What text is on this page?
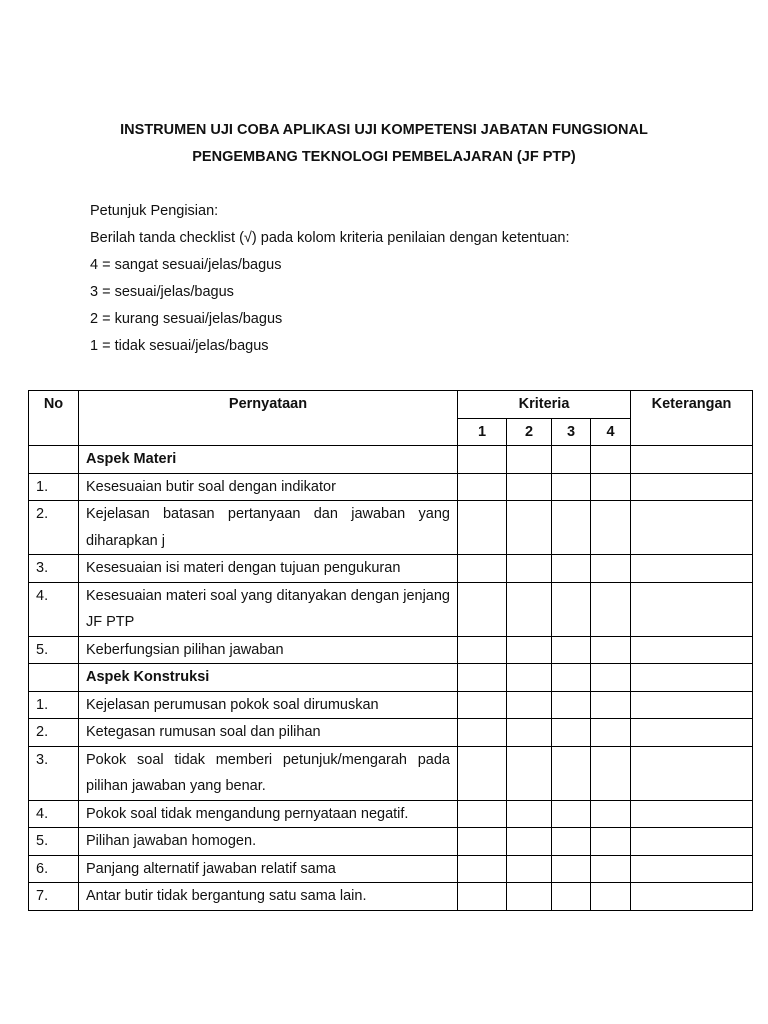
INSTRUMEN UJI COBA APLIKASI UJI KOMPETENSI JABATAN FUNGSIONAL
PENGEMBANG TEKNOLOGI PEMBELAJARAN (JF PTP)
Petunjuk Pengisian:
Berilah tanda checklist (√) pada kolom kriteria penilaian dengan ketentuan:
4 = sangat sesuai/jelas/bagus
3 = sesuai/jelas/bagus
2 = kurang sesuai/jelas/bagus
1 = tidak sesuai/jelas/bagus
No	Pernyataan	Kriteria				Keterangan
		1	2	3	4	
	Aspek Materi					
1.	Kesesuaian butir soal dengan indikator					
2.	Kejelasan batasan pertanyaan dan jawaban yang diharapkan j					
3.	Kesesuaian isi materi dengan tujuan pengukuran					
4.	Kesesuaian materi soal yang ditanyakan dengan jenjang JF PTP					
5.	Keberfungsian pilihan jawaban					
	Aspek Konstruksi					
1.	Kejelasan perumusan pokok soal dirumuskan					
2.	Ketegasan rumusan soal dan pilihan					
3.	Pokok soal tidak memberi petunjuk/mengarah pada pilihan jawaban yang benar.					
4.	Pokok soal tidak mengandung pernyataan negatif.					
5.	Pilihan jawaban homogen.					
6.	Panjang alternatif jawaban relatif sama					
7.	Antar butir tidak bergantung satu sama lain.					
